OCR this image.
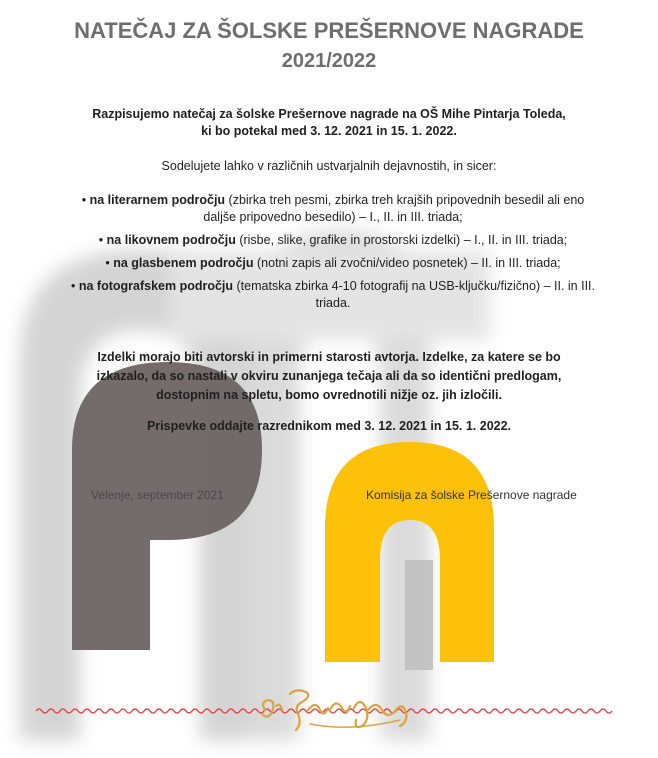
NATEČAJ ZA ŠOLSKE PREŠERNOVE NAGRADE
2021/2022
Razpisujemo natečaj za šolske Prešernove nagrade na OŠ Mihe Pintarja Toleda,
ki bo potekal med 3. 12. 2021 in 15. 1. 2022.
Sodelujete lahko v različnih ustvarjalnih dejavnostih, in sicer:
• na literarnem področju (zbirka treh pesmi, zbirka treh krajših pripovednih besedil ali eno daljše pripovedno besedilo) – I., II. in III. triada;
• na likovnem področju (risbe, slike, grafike in prostorski izdelki) – I., II. in III. triada;
• na glasbenem področju (notni zapis ali zvočni/video posnetek) – II. in III. triada;
• na fotografskem področju (tematska zbirka 4-10 fotografij na USB-ključku/fizično) – II. in III. triada.
Izdelki morajo biti avtorski in primerni starosti avtorja. Izdelke, za katere se bo izkazalo, da so nastali v okviru zunanjega tečaja ali da so identični predlogam, dostopnim na spletu, bomo ovrednotili nižje oz. jih izločili.
Prispevke oddajte razrednikom med 3. 12. 2021 in 15. 1. 2022.
Velenje, september 2021	Komisija za šolske Prešernove nagrade
